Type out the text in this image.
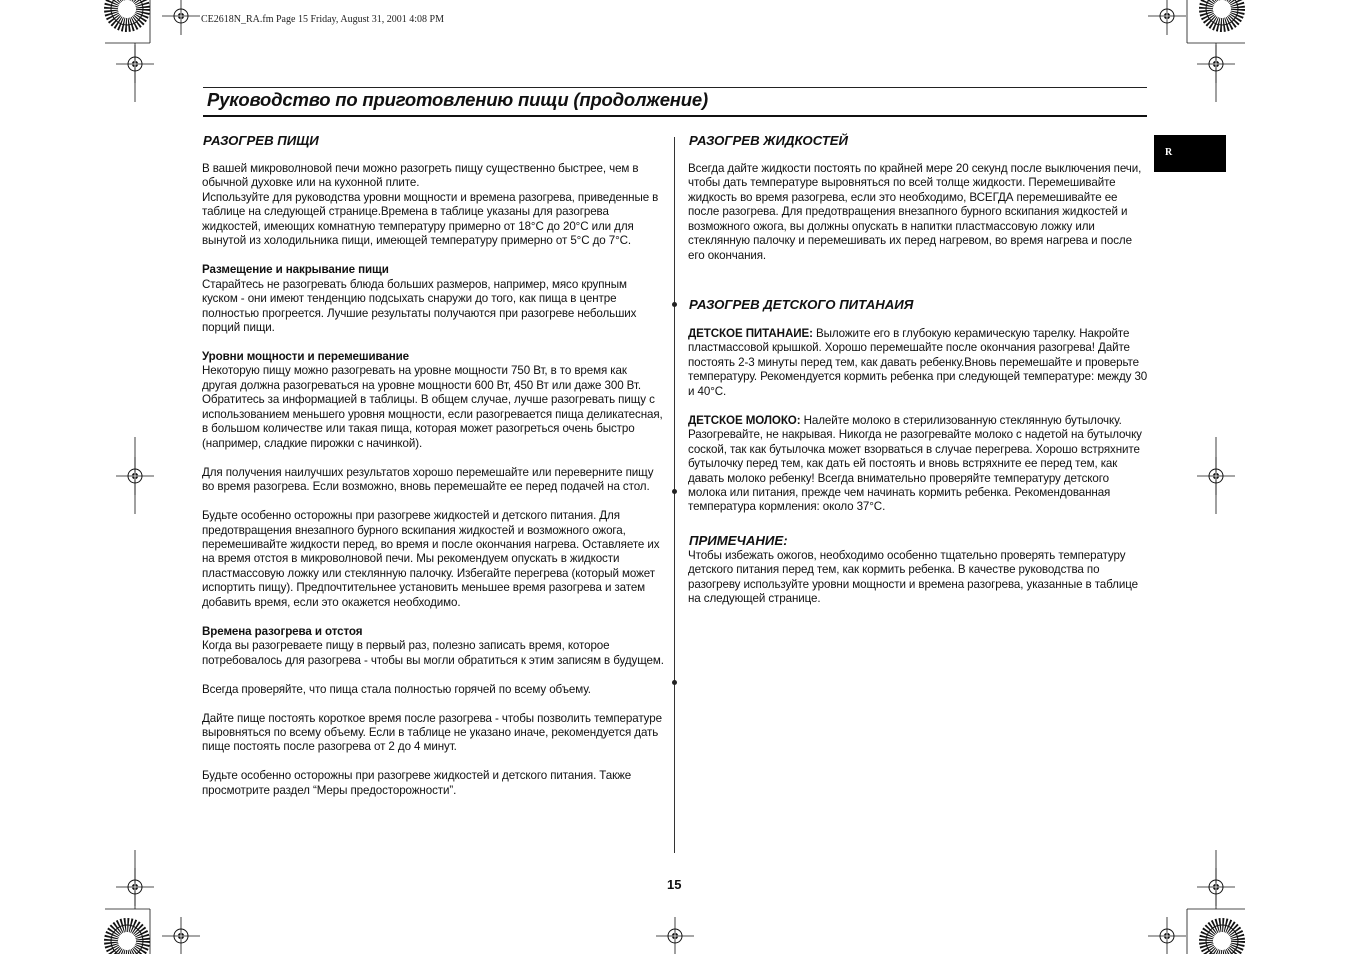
CE2618N_RA.fm Page 15 Friday, August 31, 2001 4:08 PM
Руководство по приготовлению пищи (продолжение)
R
РАЗОГРЕВ ПИЩИ

В вашей микроволновой печи можно разогреть пищу существенно быстрее, чем в обычной духовке или на кухонной плите.

Используйте для руководства уровни мощности и времена разогрева, приведенные в таблице на следующей странице.Времена в таблице указаны для разогрева жидкостей, имеющих комнатную температуру примерно от 18°С до 20°С или для вынутой из холодильника пищи, имеющей температуру примерно от 5°С до 7°С.

Размещение и накрывание пищи

Старайтесь не разогревать блюда больших размеров, например, мясо крупным куском - они имеют тенденцию подсыхать снаружи до того, как пища в центре полностью прогреется. Лучшие результаты получаются при разогреве небольших порций пищи.

Уровни мощности и перемешивание

Некоторую пищу можно разогревать на уровне мощности 750 Вт, в то время как другая должна разогреваться на уровне мощности 600 Вт, 450 Вт или даже 300 Вт. Обратитесь за информацией в таблицы. В общем случае, лучше разогревать пищу с использованием меньшего уровня мощности, если разогревается пища деликатесная, в большом количестве или такая пища, которая может разогреться очень быстро (например, сладкие пирожки с начинкой).

Для получения наилучших результатов хорошо перемешайте или переверните пищу во время разогрева. Если возможно, вновь перемешайте ее перед подачей на стол.

Будьте особенно осторожны при разогреве жидкостей и детского питания. Для предотвращения внезапного бурного вскипания жидкостей и возможного ожога, перемешивайте жидкости перед, во время и после окончания нагрева. Оставляете их на время отстоя в микроволновой печи. Мы рекомендуем опускать в жидкости пластмассовую ложку или стеклянную палочку. Избегайте перегрева (который может испортить пищу). Предпочтительнее установить меньшее время разогрева и затем добавить время, если это окажется необходимо.

Времена разогрева и отстоя

Когда вы разогреваете пищу в первый раз, полезно записать время, которое потребовалось для разогрева - чтобы вы могли обратиться к этим записям в будущем.

Всегда проверяйте, что пища стала полностью горячей по всему объему.

Дайте пище постоять короткое время после разогрева - чтобы позволить температуре выровняться по всему объему. Если в таблице не указано иначе, рекомендуется дать пище постоять после разогрева от 2 до 4 минут.

Будьте особенно осторожны при разогреве жидкостей и детского питания. Также просмотрите раздел “Меры предосторожности”.

РАЗОГРЕВ ЖИДКОСТЕЙ

Всегда дайте жидкости постоять по крайней мере 20 секунд после выключения печи, чтобы дать температуре выровняться по всей толще жидкости. Перемешивайте жидкость во время разогрева, если это необходимо, ВСЕГДА перемешивайте ее после разогрева. Для предотвращения внезапного бурного вскипания жидкостей и возможного ожога, вы должны опускать в напитки пластмассовую ложку или стеклянную палочку и перемешивать их перед нагревом, во время нагрева и после его окончания.

РАЗОГРЕВ ДЕТСКОГО ПИТАНАИЯ

ДЕТСКОЕ ПИТАНАИЕ: Выложите его в глубокую керамическую тарелку. Накройте пластмассовой крышкой. Хорошо перемешайте после окончания разогрева! Дайте постоять 2-3 минуты перед тем, как давать ребенку.Вновь перемешайте и проверьте температуру. Рекомендуется кормить ребенка при следующей температуре: между 30 и 40°С.

ДЕТСКОЕ МОЛОКО: Налейте молоко в стерилизованную стеклянную бутылочку. Разогревайте, не накрывая. Никогда не разогревайте молоко с надетой на бутылочку соской, так как бутылочка может взорваться в случае перегрева. Хорошо встряхните бутылочку перед тем, как дать ей постоять и вновь встряхните ее перед тем, как давать молоко ребенку! Всегда внимательно проверяйте температуру детского молока или питания, прежде чем начинать кормить ребенка. Рекомендованная температура кормления: около 37°С.

ПРИМЕЧАНИЕ:

Чтобы избежать ожогов, необходимо особенно тщательно проверять температуру детского питания перед тем, как кормить ребенка. В качестве руководства по разогреву используйте уровни мощности и времена разогрева, указанные в таблице на следующей странице.

15
